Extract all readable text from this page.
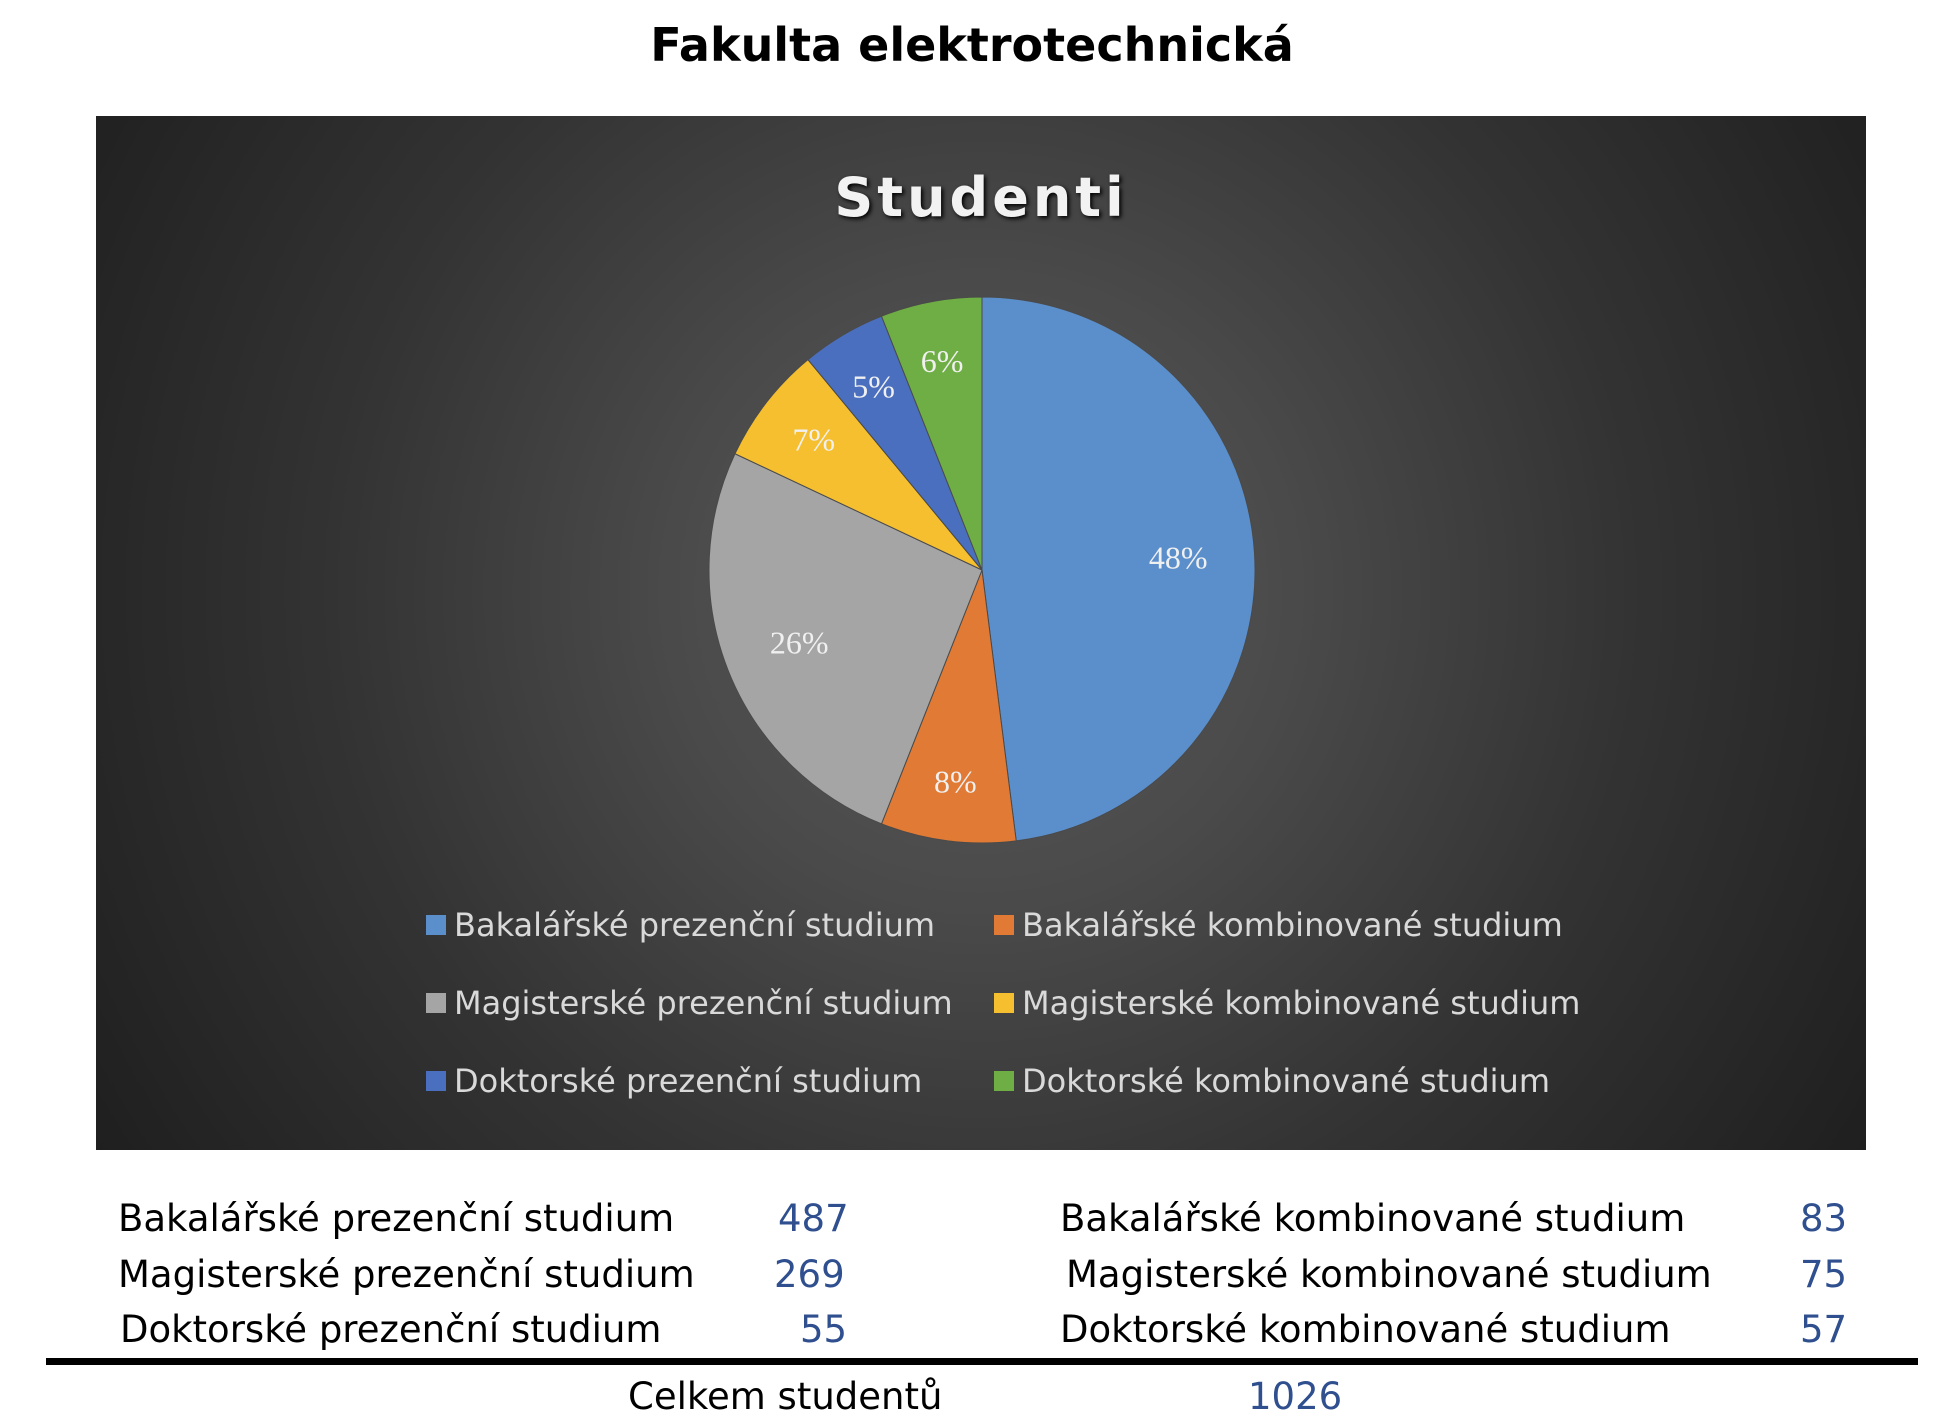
Fakulta elektrotechnická
Studenti
48%
8%
26%
7%
5%
6%
Bakalářské prezenční studium	Bakalářské kombinované studium
Magisterské prezenční studium Magisterské kombinované studium
Doktorské prezenční studium	Doktorské kombinované studium
Bakalářské prezenční studium	487	Bakalářské kombinované studium	83
Magisterské prezenční studium 269	Magisterské kombinované studium 75
Doktorské prezenční studium	55	Doktorské kombinované studium	57
Celkem studentů	1026
